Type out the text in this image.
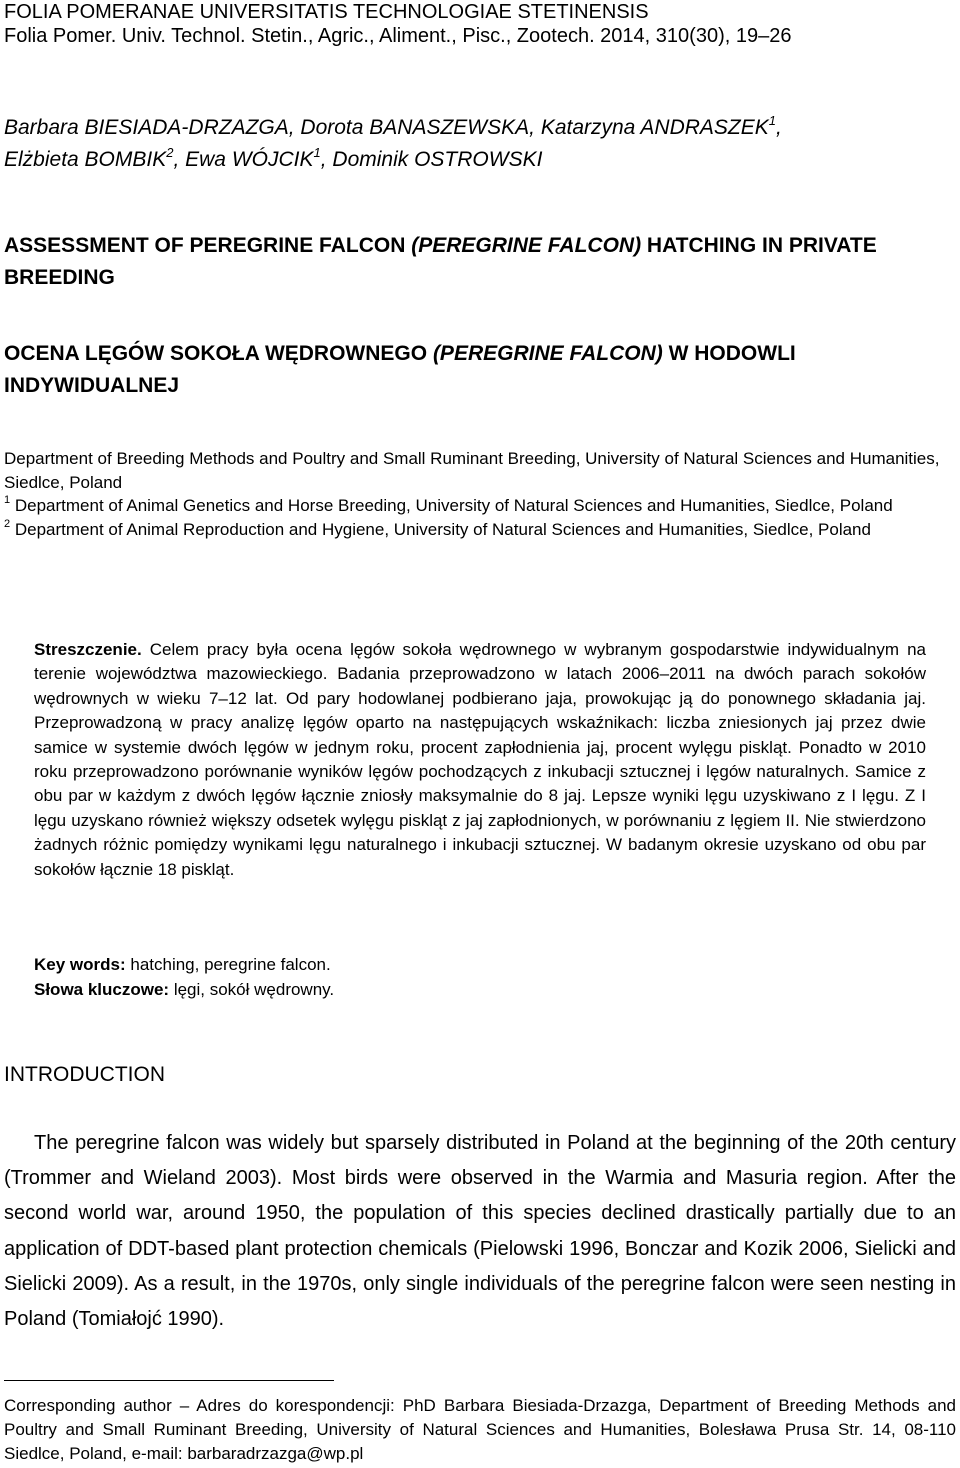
FOLIA POMERANAE UNIVERSITATIS TECHNOLOGIAE STETINENSIS
Folia Pomer. Univ. Technol. Stetin., Agric., Aliment., Pisc., Zootech. 2014, 310(30), 19–26
Barbara BIESIADA-DRZAZGA, Dorota BANASZEWSKA, Katarzyna ANDRASZEK$^1$,
Elżbieta BOMBIK$^2$, Ewa WÓJCIK$^1$, Dominik OSTROWSKI
ASSESSMENT OF PEREGRINE FALCON (PEREGRINE FALCON) HATCHING IN PRIVATE BREEDING
OCENA LĘGÓW SOKOŁA WĘDROWNEGO (PEREGRINE FALCON) W HODOWLI INDYWIDUALNEJ

Department of Breeding Methods and Poultry and Small Ruminant Breeding, University of Natural Sciences and Humanities, Siedlce, Poland

$^1$ Department of Animal Genetics and Horse Breeding, University of Natural Sciences and Humanities, Siedlce, Poland

$^2$ Department of Animal Reproduction and Hygiene, University of Natural Sciences and Humanities, Siedlce, Poland

Streszczenie. Celem pracy była ocena lęgów sokoła wędrownego w wybranym gospodarstwie indywidualnym na terenie województwa mazowieckiego. Badania przeprowadzono w latach 2006–2011 na dwóch parach sokołów wędrownych w wieku 7–12 lat. Od pary hodowlanej podbierano jaja, prowokując ją do ponownego składania jaj. Przeprowadzoną w pracy analizę lęgów oparto na następujących wskaźnikach: liczba zniesionych jaj przez dwie samice w systemie dwóch lęgów w jednym roku, procent zapłodnienia jaj, procent wylęgu piskląt. Ponadto w 2010 roku przeprowadzono porównanie wyników lęgów pochodzących z inkubacji sztucznej i lęgów naturalnych. Samice z obu par w każdym z dwóch lęgów łącznie zniosły maksymalnie do 8 jaj. Lepsze wyniki lęgu uzyskiwano z I lęgu. Z I lęgu uzyskano również większy odsetek wylęgu piskląt z jaj zapłodnionych, w porównaniu z lęgiem II. Nie stwierdzono żadnych różnic pomiędzy wynikami lęgu naturalnego i inkubacji sztucznej. W badanym okresie uzyskano od obu par sokołów łącznie 18 piskląt.

Key words: hatching, peregrine falcon.

Słowa kluczowe: lęgi, sokół wędrowny.

INTRODUCTION

The peregrine falcon was widely but sparsely distributed in Poland at the beginning of the 20th century (Trommer and Wieland 2003). Most birds were observed in the Warmia and Masuria region. After the second world war, around 1950, the population of this species declined drastically partially due to an application of DDT-based plant protection chemicals (Pielowski 1996, Bonczar and Kozik 2006, Sielicki and Sielicki 2009). As a result, in the 1970s, only single individuals of the peregrine falcon were seen nesting in Poland (Tomiałojć 1990).

Corresponding author – Adres do korespondencji: PhD Barbara Biesiada-Drzazga, Department of Breeding Methods and Poultry and Small Ruminant Breeding, University of Natural Sciences and Humanities, Bolesława Prusa Str. 14, 08-110 Siedlce, Poland, e-mail: barbaradrzazga@wp.pl
